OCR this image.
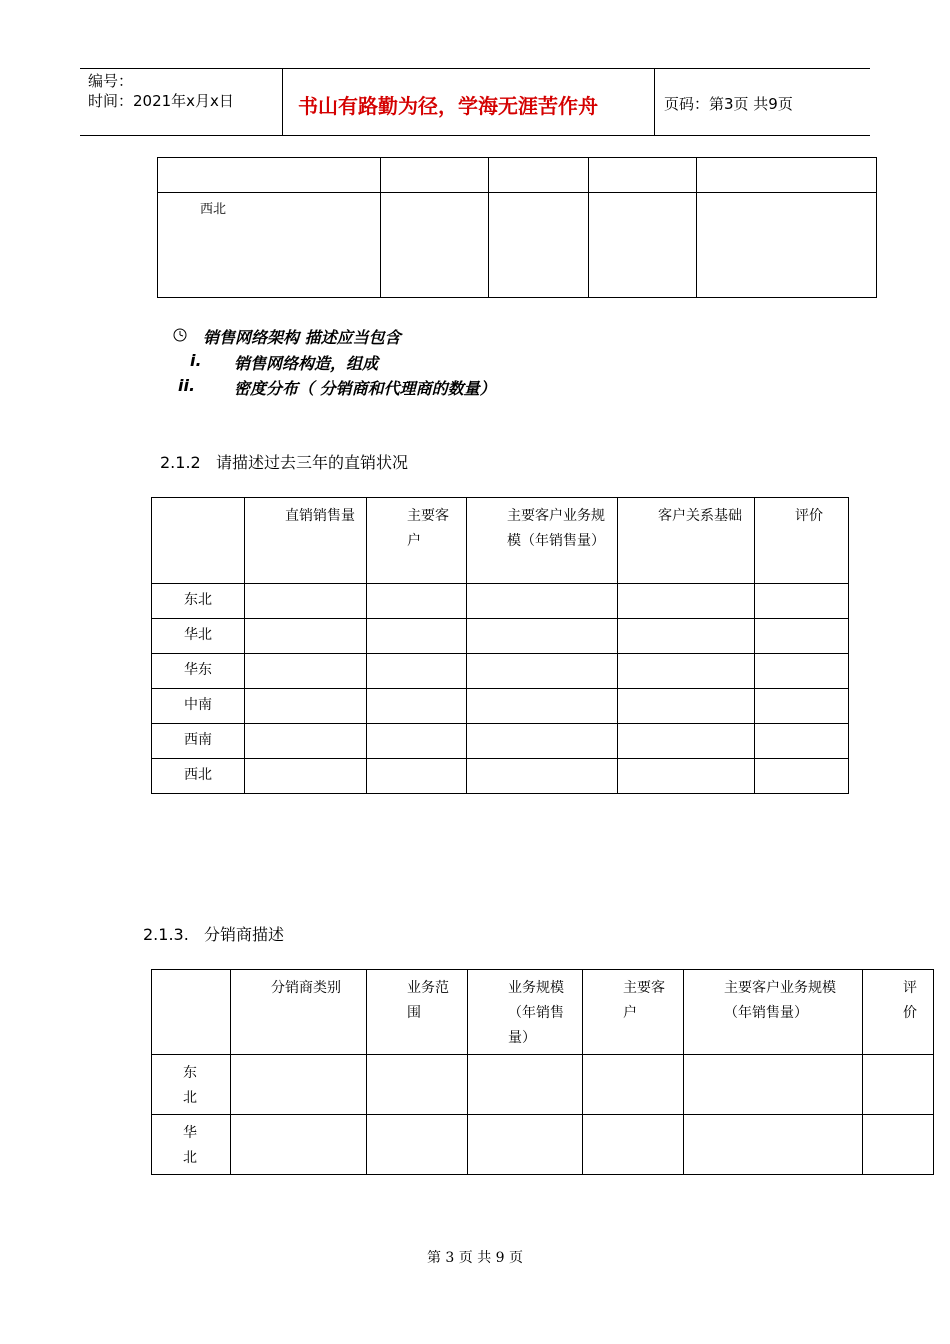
编号：
时间：2021年x月x日	书山有路勤为径，学海无涯苦作舟	页码：第3页 共9页

西北				

销售网络架构 描述应当包含
i. 销售网络构造，组成
ii. 密度分布（ 分销商和代理商的数量）
2.1.2   请描述过去三年的直销状况

	直销销售量	主要客户	主要客户业务规模（年销售量）	客户关系基础	评价

东北					

华北					

华东					

中南					

西南					

西北					

2.1.3.   分销商描述

	分销商类别	业务范围	业务规模（年销售量）	主要客户	主要客户业务规模（年销售量）	评价

东北						

华北						

第 3 页 共 9 页
